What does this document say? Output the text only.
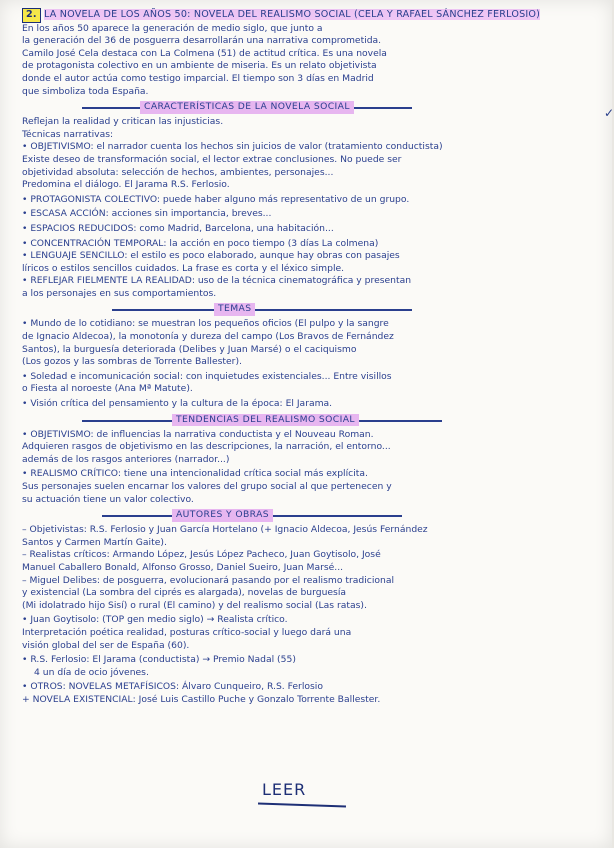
2. LA NOVELA DE LOS AÑOS 50: NOVELA DEL REALISMO SOCIAL (CELA Y RAFAEL SÁNCHEZ FERLOSIO)
En los años 50 aparece la generación de medio siglo, que junto a
la generación del 36 de posguerra desarrollarán una narrativa comprometida.
Camilo José Cela destaca con La Colmena (51) de actitud crítica. Es una novela
de protagonista colectivo en un ambiente de miseria. Es un relato objetivista
donde el autor actúa como testigo imparcial. El tiempo son 3 días en Madrid
que simboliza toda España.
CARACTERÍSTICAS DE LA NOVELA SOCIAL
Reflejan la realidad y critican las injusticias.
Técnicas narrativas:
• OBJETIVISMO: el narrador cuenta los hechos sin juicios de valor (tratamiento conductista)
Existe deseo de transformación social, el lector extrae conclusiones. No puede ser
objetividad absoluta: selección de hechos, ambientes, personajes...
Predomina el diálogo. El Jarama R.S. Ferlosio.
• PROTAGONISTA COLECTIVO: puede haber alguno más representativo de un grupo.
• ESCASA ACCIÓN: acciones sin importancia, breves...
• ESPACIOS REDUCIDOS: como Madrid, Barcelona, una habitación...
• CONCENTRACIÓN TEMPORAL: la acción en poco tiempo (3 días La colmena)
• LENGUAJE SENCILLO: el estilo es poco elaborado, aunque hay obras con pasajes
líricos o estilos sencillos cuidados. La frase es corta y el léxico simple.
• REFLEJAR FIELMENTE LA REALIDAD: uso de la técnica cinematográfica y presentan
a los personajes en sus comportamientos.
TEMAS
• Mundo de lo cotidiano: se muestran los pequeños oficios (El pulpo y la sangre
de Ignacio Aldecoa), la monotonía y dureza del campo (Los Bravos de Fernández
Santos), la burguesía deteriorada (Delibes y Juan Marsé) o el caciquismo
(Los gozos y las sombras de Torrente Ballester).
• Soledad e incomunicación social: con inquietudes existenciales... Entre visillos
o Fiesta al noroeste (Ana Mª Matute).
• Visión crítica del pensamiento y la cultura de la época: El Jarama.
TENDENCIAS DEL REALISMO SOCIAL
• OBJETIVISMO: de influencias la narrativa conductista y el Nouveau Roman.
Adquieren rasgos de objetivismo en las descripciones, la narración, el entorno...
además de los rasgos anteriores (narrador...)
• REALISMO CRÍTICO: tiene una intencionalidad crítica social más explícita.
Sus personajes suelen encarnar los valores del grupo social al que pertenecen y
su actuación tiene un valor colectivo.
AUTORES Y OBRAS
– Objetivistas: R.S. Ferlosio y Juan García Hortelano (+ Ignacio Aldecoa, Jesús Fernández
Santos y Carmen Martín Gaite).
– Realistas críticos: Armando López, Jesús López Pacheco, Juan Goytisolo, José
Manuel Caballero Bonald, Alfonso Grosso, Daniel Sueiro, Juan Marsé...
– Miguel Delibes: de posguerra, evolucionará pasando por el realismo tradicional
y existencial (La sombra del ciprés es alargada), novelas de burguesía
(Mi idolatrado hijo Sisí) o rural (El camino) y del realismo social (Las ratas).
• Juan Goytisolo: (TOP gen medio siglo) → Realista crítico.
Interpretación poética realidad, posturas crítico-social y luego dará una
visión global del ser de España (60).
• R.S. Ferlosio: El Jarama (conductista) → Premio Nadal (55)
4 un día de ocio jóvenes.
• OTROS: NOVELAS METAFÍSICOS: Álvaro Cunqueiro, R.S. Ferlosio
+ NOVELA EXISTENCIAL: José Luis Castillo Puche y Gonzalo Torrente Ballester.
✓
LEER
